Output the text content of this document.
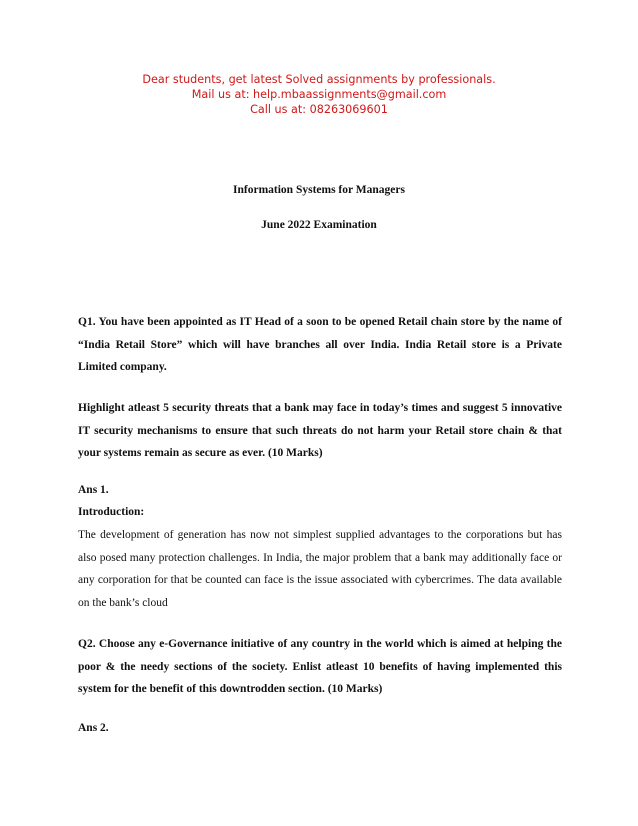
Dear students, get latest Solved assignments by professionals.
Mail us at: help.mbaassignments@gmail.com
Call us at: 08263069601
Information Systems for Managers
June 2022 Examination
Q1. You have been appointed as IT Head of a soon to be opened Retail chain store by the name of “India Retail Store” which will have branches all over India. India Retail store is a Private Limited company.
Highlight atleast 5 security threats that a bank may face in today’s times and suggest 5 innovative IT security mechanisms to ensure that such threats do not harm your Retail store chain & that your systems remain as secure as ever. (10 Marks)
Ans 1.
Introduction:
The development of generation has now not simplest supplied advantages to the corporations but has also posed many protection challenges. In India, the major problem that a bank may additionally face or any corporation for that be counted can face is the issue associated with cybercrimes. The data available on the bank’s cloud
Q2. Choose any e-Governance initiative of any country in the world which is aimed at helping the poor & the needy sections of the society. Enlist atleast 10 benefits of having implemented this system for the benefit of this downtrodden section. (10 Marks)
Ans 2.
